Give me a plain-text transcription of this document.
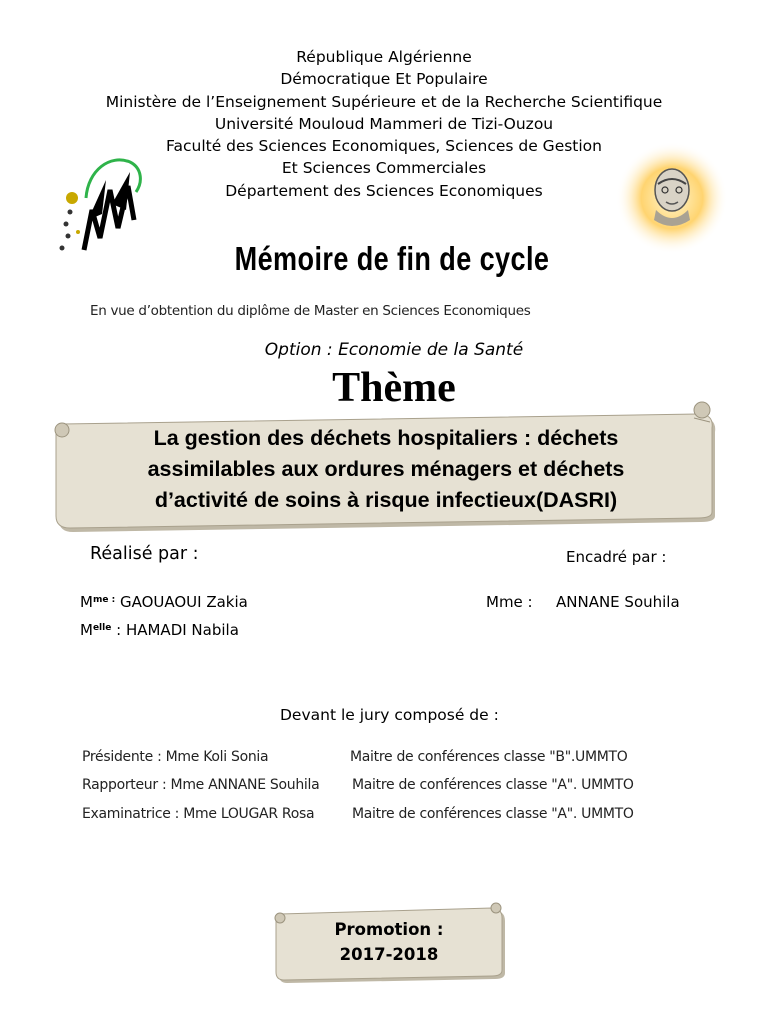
République Algérienne
Démocratique Et Populaire
Ministère de l’Enseignement Supérieure et de la Recherche Scientifique
Université Mouloud Mammeri de Tizi-Ouzou
Faculté des Sciences Economiques, Sciences de Gestion
Et Sciences Commerciales
Département des Sciences Economiques
Mémoire de fin de cycle
En vue d’obtention du diplôme de Master en Sciences Economiques
Option : Economie de la Santé
Thème
La gestion des déchets hospitaliers : déchets
assimilables aux ordures ménagers et déchets
d’activité de soins à risque infectieux(DASRI)
Réalisé par :	Encadré par :
$M^{me :}$ GAOUAOUI Zakia
$M^{elle}$ : HAMADI Nabila
Mme : ANNANE Souhila
Devant le jury composé de :
Présidente : Mme Koli Sonia	Maitre de conférences classe "B".UMMTO
Rapporteur : Mme ANNANE Souhila Maitre de conférences classe "A". UMMTO
Examinatrice : Mme LOUGAR Rosa	Maitre de conférences classe "A". UMMTO
Promotion :
2017-2018
